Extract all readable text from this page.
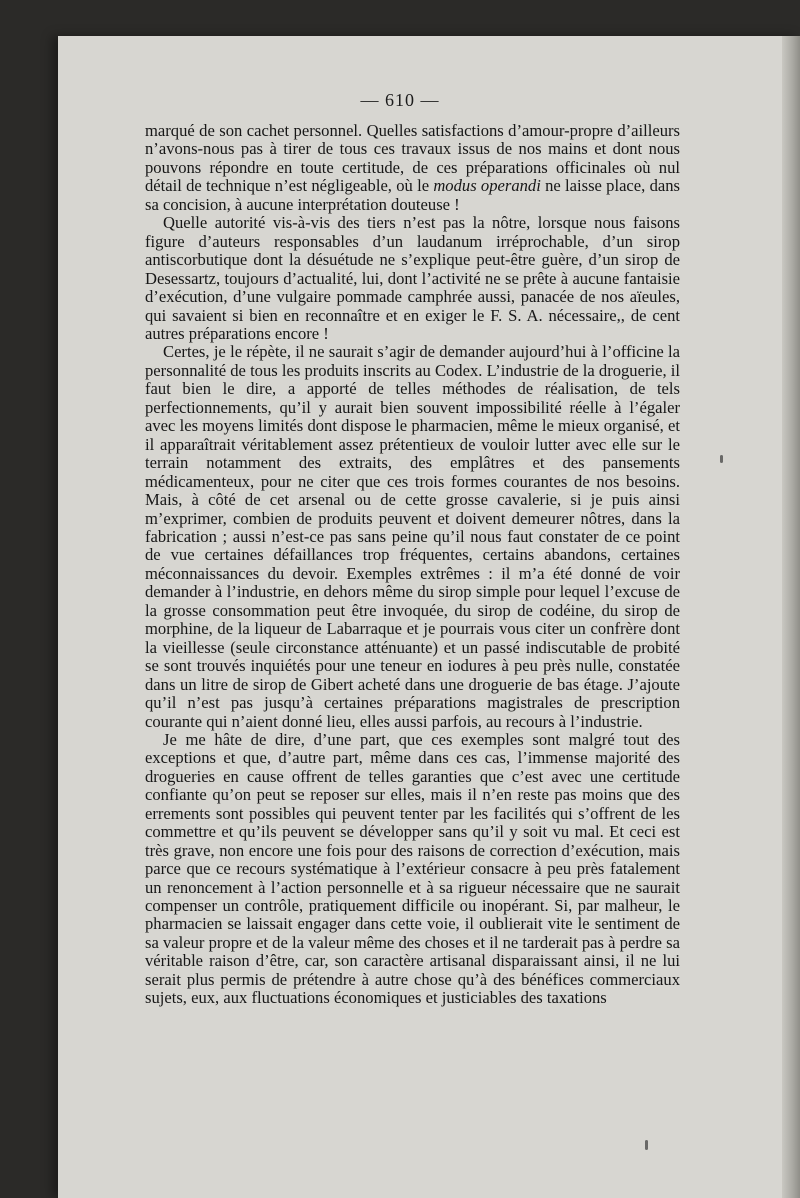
— 610 —

marqué de son cachet personnel. Quelles satisfactions d’amour-propre d’ailleurs n’avons-nous pas à tirer de tous ces travaux issus de nos mains et dont nous pouvons répondre en toute certitude, de ces préparations officinales où nul détail de technique n’est négligeable, où le modus operandi ne laisse place, dans sa concision, à aucune interprétation douteuse !

Quelle autorité vis-à-vis des tiers n’est pas la nôtre, lorsque nous faisons figure d’auteurs responsables d’un laudanum irréprochable, d’un sirop antiscorbutique dont la désuétude ne s’explique peut-être guère, d’un sirop de Desessartz, toujours d’actualité, lui, dont l’activité ne se prête à aucune fantaisie d’exécution, d’une vulgaire pommade camphrée aussi, panacée de nos aïeules, qui savaient si bien en reconnaître et en exiger le F. S. A. nécessaire,, de cent autres préparations encore !

Certes, je le répète, il ne saurait s’agir de demander aujourd’hui à l’officine la personnalité de tous les produits inscrits au Codex. L’industrie de la droguerie, il faut bien le dire, a apporté de telles méthodes de réalisation, de tels perfectionnements, qu’il y aurait bien souvent impossibilité réelle à l’égaler avec les moyens limités dont dispose le pharmacien, même le mieux organisé, et il apparaîtrait véritablement assez prétentieux de vouloir lutter avec elle sur le terrain notamment des extraits, des emplâtres et des pansements médicamenteux, pour ne citer que ces trois formes courantes de nos besoins. Mais, à côté de cet arsenal ou de cette grosse cavalerie, si je puis ainsi m’exprimer, combien de produits peuvent et doivent demeurer nôtres, dans la fabrication ; aussi n’est-ce pas sans peine qu’il nous faut constater de ce point de vue certaines défaillances trop fréquentes, certains abandons, certaines méconnaissances du devoir. Exemples extrêmes : il m’a été donné de voir demander à l’industrie, en dehors même du sirop simple pour lequel l’excuse de la grosse consommation peut être invoquée, du sirop de codéine, du sirop de morphine, de la liqueur de Labarraque et je pourrais vous citer un confrère dont la vieillesse (seule circonstance atténuante) et un passé indiscutable de probité se sont trouvés inquiétés pour une teneur en iodures à peu près nulle, constatée dans un litre de sirop de Gibert acheté dans une droguerie de bas étage. J’ajoute qu’il n’est pas jusqu’à certaines préparations magistrales de prescription courante qui n’aient donné lieu, elles aussi parfois, au recours à l’industrie.

Je me hâte de dire, d’une part, que ces exemples sont malgré tout des exceptions et que, d’autre part, même dans ces cas, l’immense majorité des drogueries en cause offrent de telles garanties que c’est avec une certitude confiante qu’on peut se reposer sur elles, mais il n’en reste pas moins que des errements sont possibles qui peuvent tenter par les facilités qui s’offrent de les commettre et qu’ils peuvent se développer sans qu’il y soit vu mal. Et ceci est très grave, non encore une fois pour des raisons de correction d’exécution, mais parce que ce recours systématique à l’extérieur consacre à peu près fatalement un renoncement à l’action personnelle et à sa rigueur nécessaire que ne saurait compenser un contrôle, pratiquement difficile ou inopérant. Si, par malheur, le pharmacien se laissait engager dans cette voie, il oublierait vite le sentiment de sa valeur propre et de la valeur même des choses et il ne tarderait pas à perdre sa véritable raison d’être, car, son caractère artisanal disparaissant ainsi, il ne lui serait plus permis de prétendre à autre chose qu’à des bénéfices commerciaux sujets, eux, aux fluctuations économiques et justiciables des taxations
